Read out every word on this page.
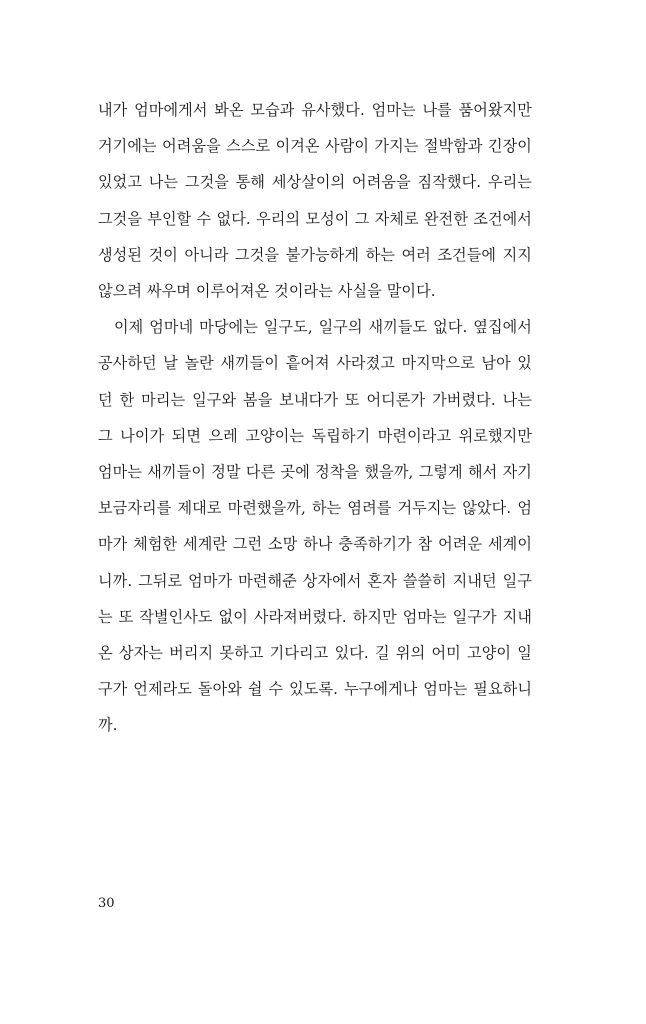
내가 엄마에게서 봐온 모습과 유사했다. 엄마는 나를 품어왔지만 거기에는 어려움을 스스로 이겨온 사람이 가지는 절박함과 긴장이 있었고 나는 그것을 통해 세상살이의 어려움을 짐작했다. 우리는 그것을 부인할 수 없다. 우리의 모성이 그 자체로 완전한 조건에서 생성된 것이 아니라 그것을 불가능하게 하는 여러 조건들에 지지 않으려 싸우며 이루어져온 것이라는 사실을 말이다.

이제 엄마네 마당에는 일구도, 일구의 새끼들도 없다. 옆집에서 공사하던 날 놀란 새끼들이 흩어져 사라졌고 마지막으로 남아 있던 한 마리는 일구와 봄을 보내다가 또 어디론가 가버렸다. 나는 그 나이가 되면 으레 고양이는 독립하기 마련이라고 위로했지만 엄마는 새끼들이 정말 다른 곳에 정착을 했을까, 그렇게 해서 자기 보금자리를 제대로 마련했을까, 하는 염려를 거두지는 않았다. 엄마가 체험한 세계란 그런 소망 하나 충족하기가 참 어려운 세계이니까. 그뒤로 엄마가 마련해준 상자에서 혼자 쓸쓸히 지내던 일구는 또 작별인사도 없이 사라져버렸다. 하지만 엄마는 일구가 지내온 상자는 버리지 못하고 기다리고 있다. 길 위의 어미 고양이 일구가 언제라도 돌아와 쉴 수 있도록. 누구에게나 엄마는 필요하니까.

30
